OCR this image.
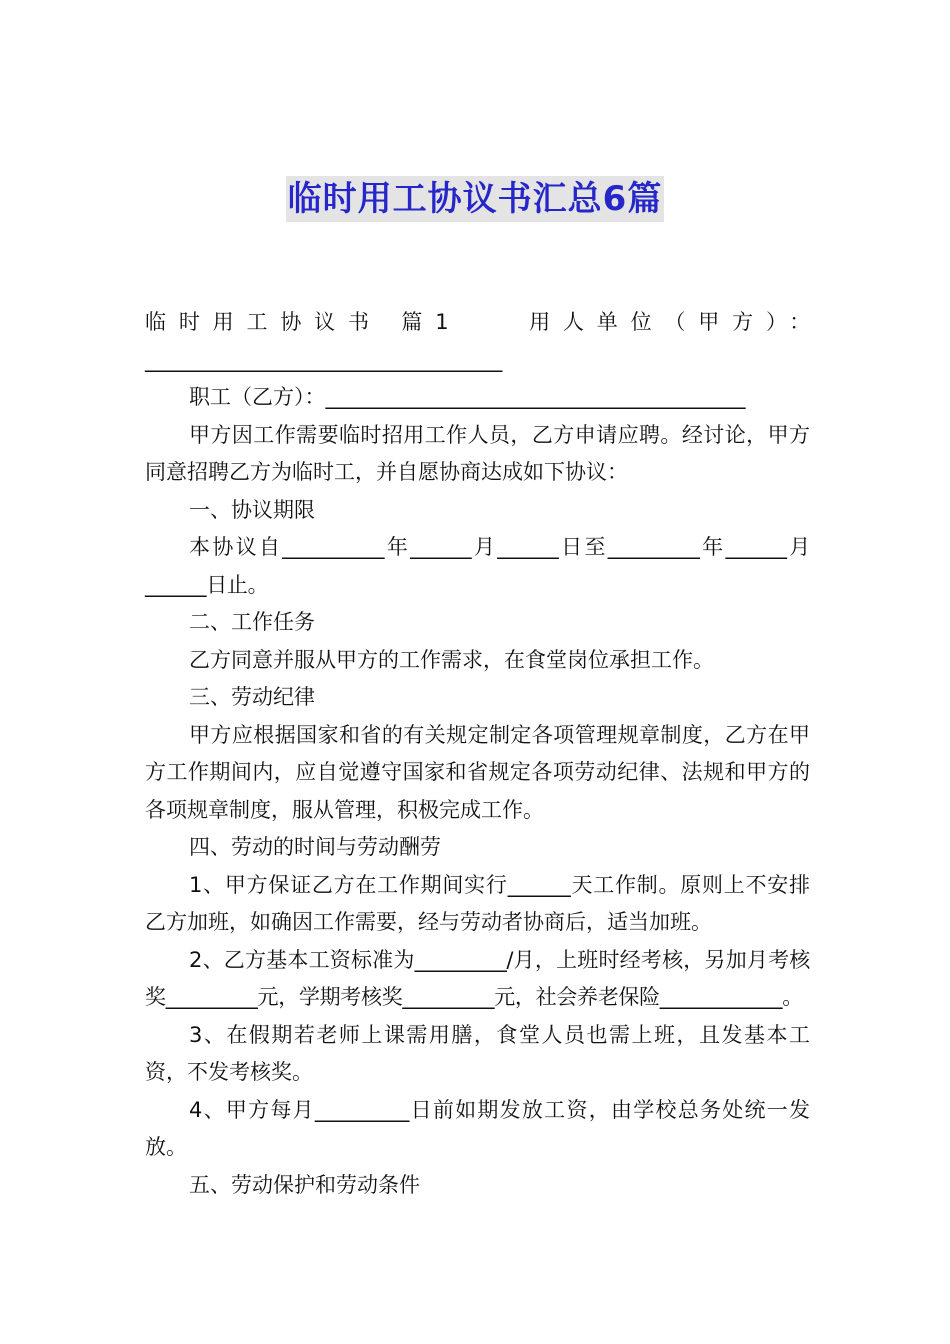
临时用工协议书汇总6篇

临时用工协议书 篇1　　用人单位（甲方）：___________________________________

职工（乙方）：________________________________________

甲方因工作需要临时招用工作人员，乙方申请应聘。经讨论，甲方同意招聘乙方为临时工，并自愿协商达成如下协议：

一、协议期限

本协议自__________年______月______日至_________年______月______日止。

二、工作任务

乙方同意并服从甲方的工作需求，在食堂岗位承担工作。

三、劳动纪律

甲方应根据国家和省的有关规定制定各项管理规章制度，乙方在甲方工作期间内，应自觉遵守国家和省规定各项劳动纪律、法规和甲方的各项规章制度，服从管理，积极完成工作。

四、劳动的时间与劳动酬劳

1、甲方保证乙方在工作期间实行______天工作制。原则上不安排乙方加班，如确因工作需要，经与劳动者协商后，适当加班。

2、乙方基本工资标准为_________/月，上班时经考核，另加月考核奖_________元，学期考核奖_________元，社会养老保险____________。

3、在假期若老师上课需用膳，食堂人员也需上班，且发基本工资，不发考核奖。

4、甲方每月_________日前如期发放工资，由学校总务处统一发放。

五、劳动保护和劳动条件
